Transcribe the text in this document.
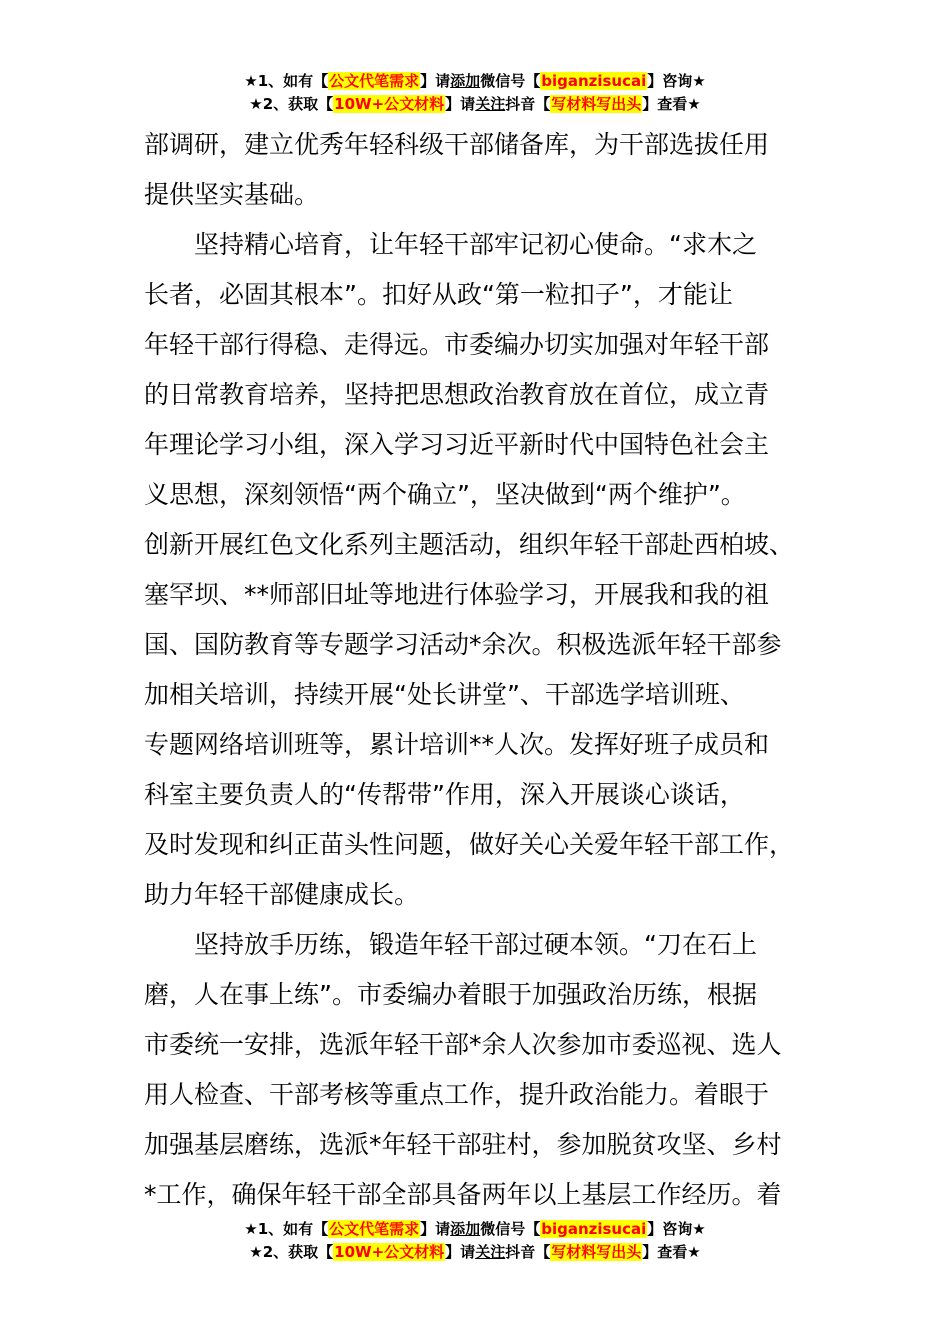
★1、如有【公文代笔需求】请添加微信号【biganzisucai】咨询★
★2、获取【10W+公文材料】请关注抖音【写材料写出头】查看★
部调研，建立优秀年轻科级干部储备库，为干部选拔任用
提供坚实基础。
坚持精心培育，让年轻干部牢记初心使命。“求木之
长者，必固其根本”。扣好从政“第一粒扣子”，才能让
年轻干部行得稳、走得远。市委编办切实加强对年轻干部
的日常教育培养，坚持把思想政治教育放在首位，成立青
年理论学习小组，深入学习习近平新时代中国特色社会主
义思想，深刻领悟“两个确立”，坚决做到“两个维护”。
创新开展红色文化系列主题活动，组织年轻干部赴西柏坡、
塞罕坝、**师部旧址等地进行体验学习，开展我和我的祖
国、国防教育等专题学习活动*余次。积极选派年轻干部参
加相关培训，持续开展“处长讲堂”、干部选学培训班、
专题网络培训班等，累计培训**人次。发挥好班子成员和
科室主要负责人的“传帮带”作用，深入开展谈心谈话，
及时发现和纠正苗头性问题，做好关心关爱年轻干部工作，
助力年轻干部健康成长。
坚持放手历练，锻造年轻干部过硬本领。“刀在石上
磨，人在事上练”。市委编办着眼于加强政治历练，根据
市委统一安排，选派年轻干部*余人次参加市委巡视、选人
用人检查、干部考核等重点工作，提升政治能力。着眼于
加强基层磨练，选派*年轻干部驻村，参加脱贫攻坚、乡村
*工作，确保年轻干部全部具备两年以上基层工作经历。着
★1、如有【公文代笔需求】请添加微信号【biganzisucai】咨询★
★2、获取【10W+公文材料】请关注抖音【写材料写出头】查看★
